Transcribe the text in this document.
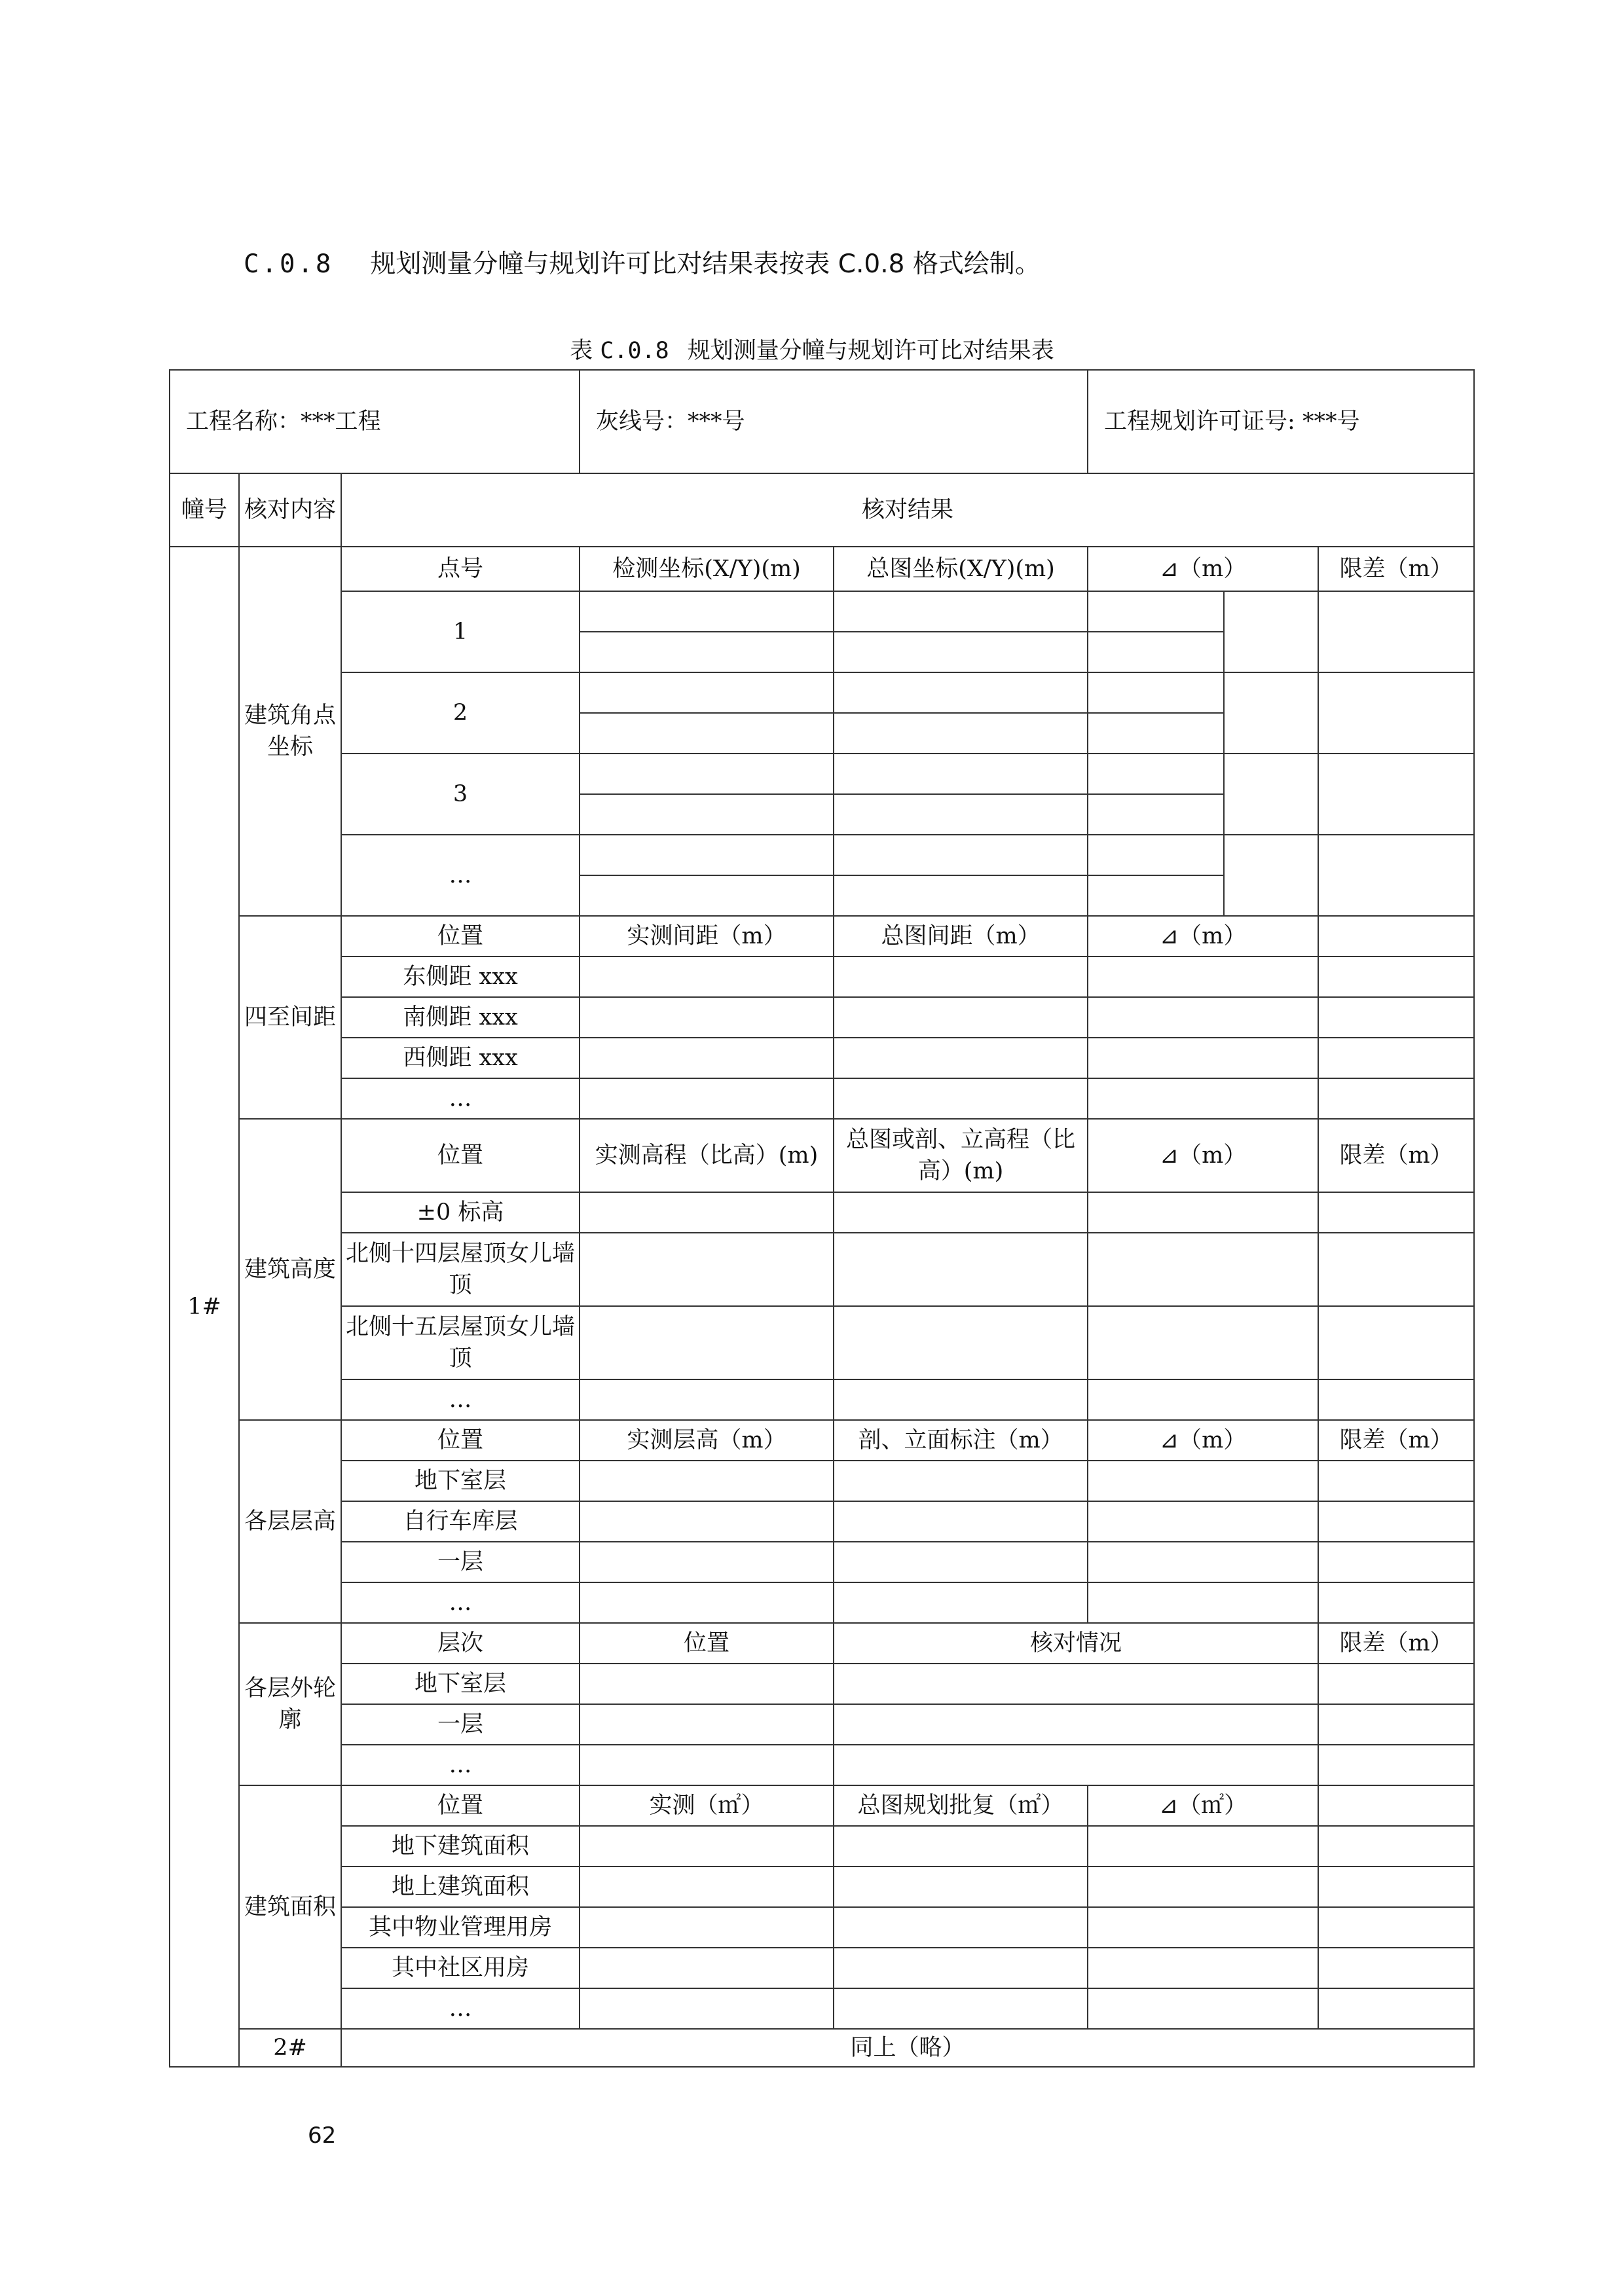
C.0.8 规划测量分幢与规划许可比对结果表按表 C.0.8 格式绘制。
表 C.0.8 规划测量分幢与规划许可比对结果表
工程名称：***工程			灰线号：***号		工程规划许可证号: ***号		
幢号	核对内容	核对结果					
1#	建筑角点坐标	点号	检测坐标(X/Y)(m)	总图坐标(X/Y)(m)	⊿（m）		限差（m）
		1					

		2					

		3					

		…					

	四至间距	位置	实测间距（m）	总图间距（m）	⊿（m）		
		东侧距 xxx					
		南侧距 xxx					
		西侧距 xxx					
		…					
	建筑高度	位置	实测高程（比高）(m)	总图或剖、立高程（比高）(m)	⊿（m）		限差（m）
		±0 标高					
		北侧十四层屋顶女儿墙顶					
		北侧十五层屋顶女儿墙顶					
		…					
	各层层高	位置	实测层高（m）	剖、立面标注（m）	⊿（m）		限差（m）
		地下室层					
		自行车库层					
		一层					
		…					
	各层外轮廓	层次	位置	核对情况			限差（m）
		地下室层					
		一层					
		…					
	建筑面积	位置	实测（㎡）	总图规划批复（㎡）	⊿（㎡）		
		地下建筑面积					
		地上建筑面积					
		其中物业管理用房					
		其中社区用房					
		…					
	2#	同上（略）					
62
